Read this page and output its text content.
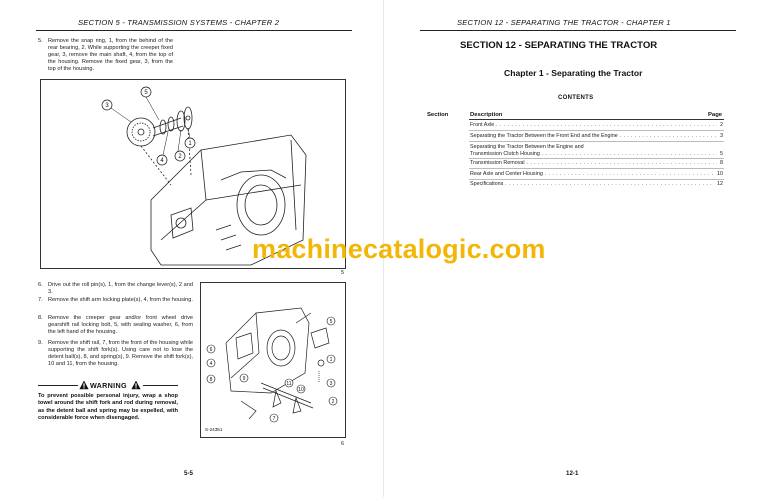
SECTION 5 - TRANSMISSION SYSTEMS - CHAPTER 2
5. Remove the snap ring, 1, from the behind of the rear bearing, 2. While supporting the creeper fixed gear, 3, remove the main shaft, 4, from the top of the housing. Remove the fixed gear, 3, from the top of the housing.
5
3
1
2
4
5
6. Drive out the roll pin(s), 1, from the change lever(s), 2 and 3.
7. Remove the shift arm locking plate(s), 4, from the housing.
8. Remove the creeper gear and/or front wheel drive gearshift rail locking bolt, 5, with sealing washer, 6, from the left hand of the housing.
9. Remove the shift rail, 7, from the front of the housing while supporting the shift fork(s). Using care not to lose the detent ball(s), 8, and spring(s), 9. Remove the shift fork(s), 10 and 11, from the housing.
WARNING
To prevent possible personal injury, wrap a shop towel around the shift fork and rod during removal, as the detent ball and spring may be expelled, with considerable force when disengaged.
6
4
8	9
11
10
7
5
1
3
2
S-24351
6
5-5
SECTION 12 - SEPARATING THE TRACTOR - CHAPTER 1
SECTION 12 - SEPARATING THE TRACTOR
Chapter 1 - Separating the Tractor
CONTENTS
Section	Description	Page
Front Axle . . .	2
Separating the Tractor Between the Front End and the Engine . . .	3
Separating the Tractor Between the Engine and
Transmission Clutch Housing . . .	5
Transmission Removal . . .	8
Rear Axle and Center Housing . . .	10
Specifications . . .	12
12-1
machinecatalogic.com
